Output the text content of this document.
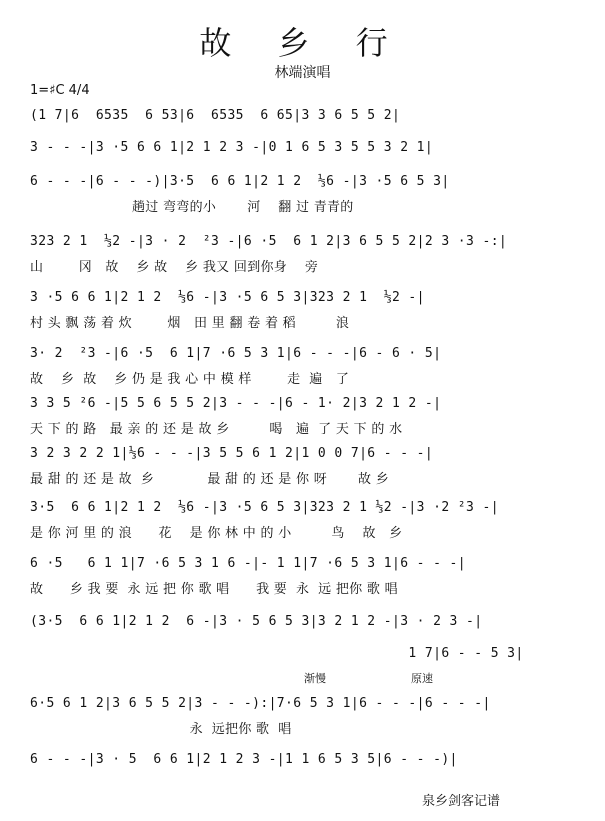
故 乡 行
林端演唱
1=♯C 4/4
(1 7|6  6535  6 53|6  6535  6 65|3 3 6 5 5 2|
3 - - -|3 ·5 6 6 1|2 1 2 3 -|0 1 6 5 3 5 5 3 2 1|
6 - - -|6 - - -)|3·5  6 6 1|2 1 2  ⅓6 -|3 ·5 6 5 3|
趟过 弯弯的小       河    翻 过 青青的
323 2 1  ⅓2 -|3 · 2  ²3 -|6 ·5  6 1 2|3 6 5 5 2|2 3 ·3 -:|
山        冈   故    乡 故    乡 我又 回到你身    旁
3 ·5 6 6 1|2 1 2  ⅓6 -|3 ·5 6 5 3|323 2 1  ⅓2 -|
村 头 飘 荡 着 炊        烟   田 里 翻 卷 着 稻         浪
3· 2  ²3 -|6 ·5  6 1|7 ·6 5 3 1|6 - - -|6 - 6 · 5|
故    乡  故    乡 仍 是 我 心 中 模 样        走  遍   了
3 3 5 ²6 -|5 5 6 5 5 2|3 - - -|6 - 1· 2|3 2 1 2 -|
天 下 的 路   最 亲 的 还 是 故 乡         喝   遍  了 天 下 的 水
3 2 3 2 2 1|⅓6 - - -|3 5 5 6 1 2|1 0 0 7|6 - - -|
最 甜 的 还 是 故  乡            最 甜 的 还 是 你 呀       故 乡
3·5  6 6 1|2 1 2  ⅓6 -|3 ·5 6 5 3|323 2 1 ⅓2 -|3 ·2 ²3 -|
是 你 河 里 的 浪      花    是 你 林 中 的 小         鸟    故   乡
6 ·5   6 1 1|7 ·6 5 3 1 6 -|- 1 1|7 ·6 5 3 1|6 - - -|
故      乡 我 要  永 远 把 你 歌 唱      我 要  永  远 把你 歌 唱
(3·5  6 6 1|2 1 2  6 -|3 · 5 6 5 3|3 2 1 2 -|3 · 2 3 -|
1 7|6 - - 5 3|
渐慢	原速
6·5 6 1 2|3 6 5 5 2|3 - - -):|7·6 5 3 1|6 - - -|6 - - -|
永  远把你 歌  唱
6 - - -|3 · 5  6 6 1|2 1 2 3 -|1 1 6 5 3 5|6 - - -)|
泉乡剑客记谱
